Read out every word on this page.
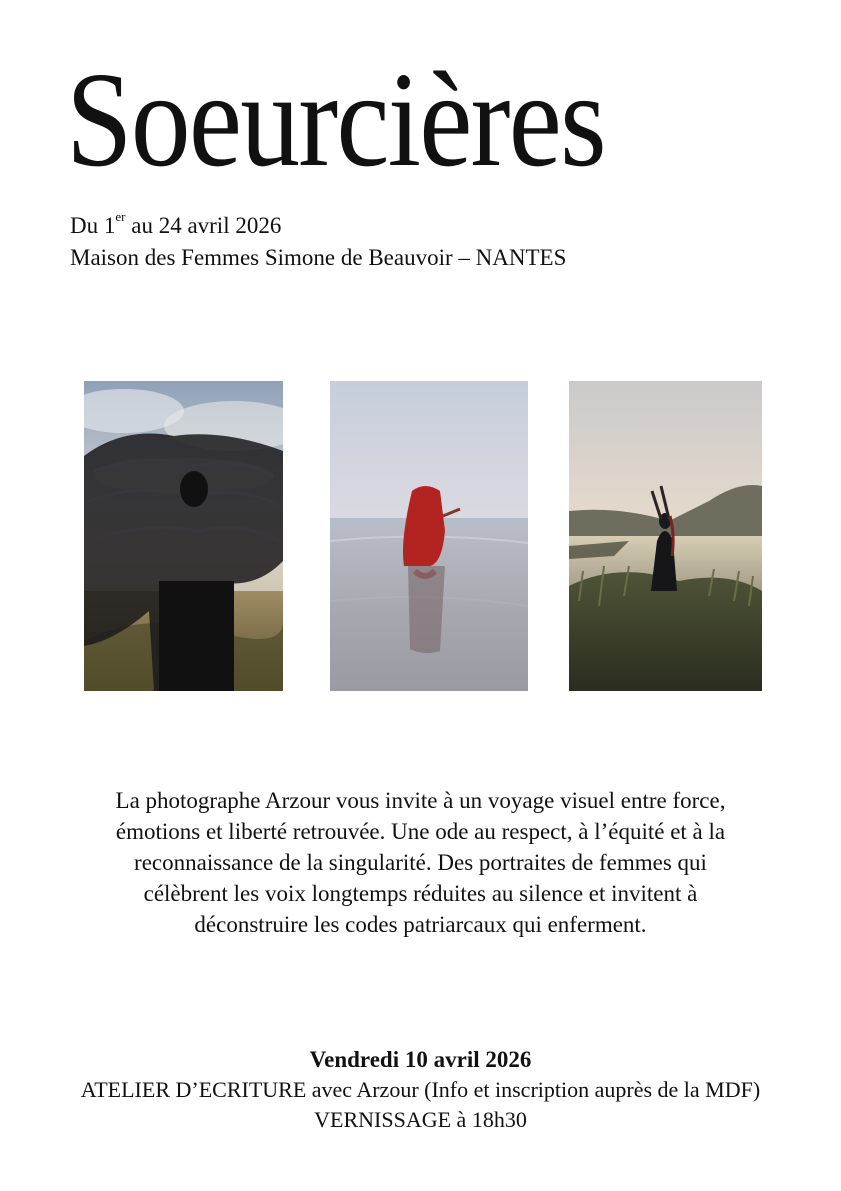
Soeurcières
Du 1er au 24 avril 2026
Maison des Femmes Simone de Beauvoir – NANTES
La photographe Arzour vous invite à un voyage visuel entre force,
émotions et liberté retrouvée. Une ode au respect, à l’équité et à la
reconnaissance de la singularité. Des portraites de femmes qui
célèbrent les voix longtemps réduites au silence et invitent à
déconstruire les codes patriarcaux qui enferment.
Vendredi 10 avril 2026
ATELIER D’ECRITURE avec Arzour (Info et inscription auprès de la MDF)
VERNISSAGE à 18h30
